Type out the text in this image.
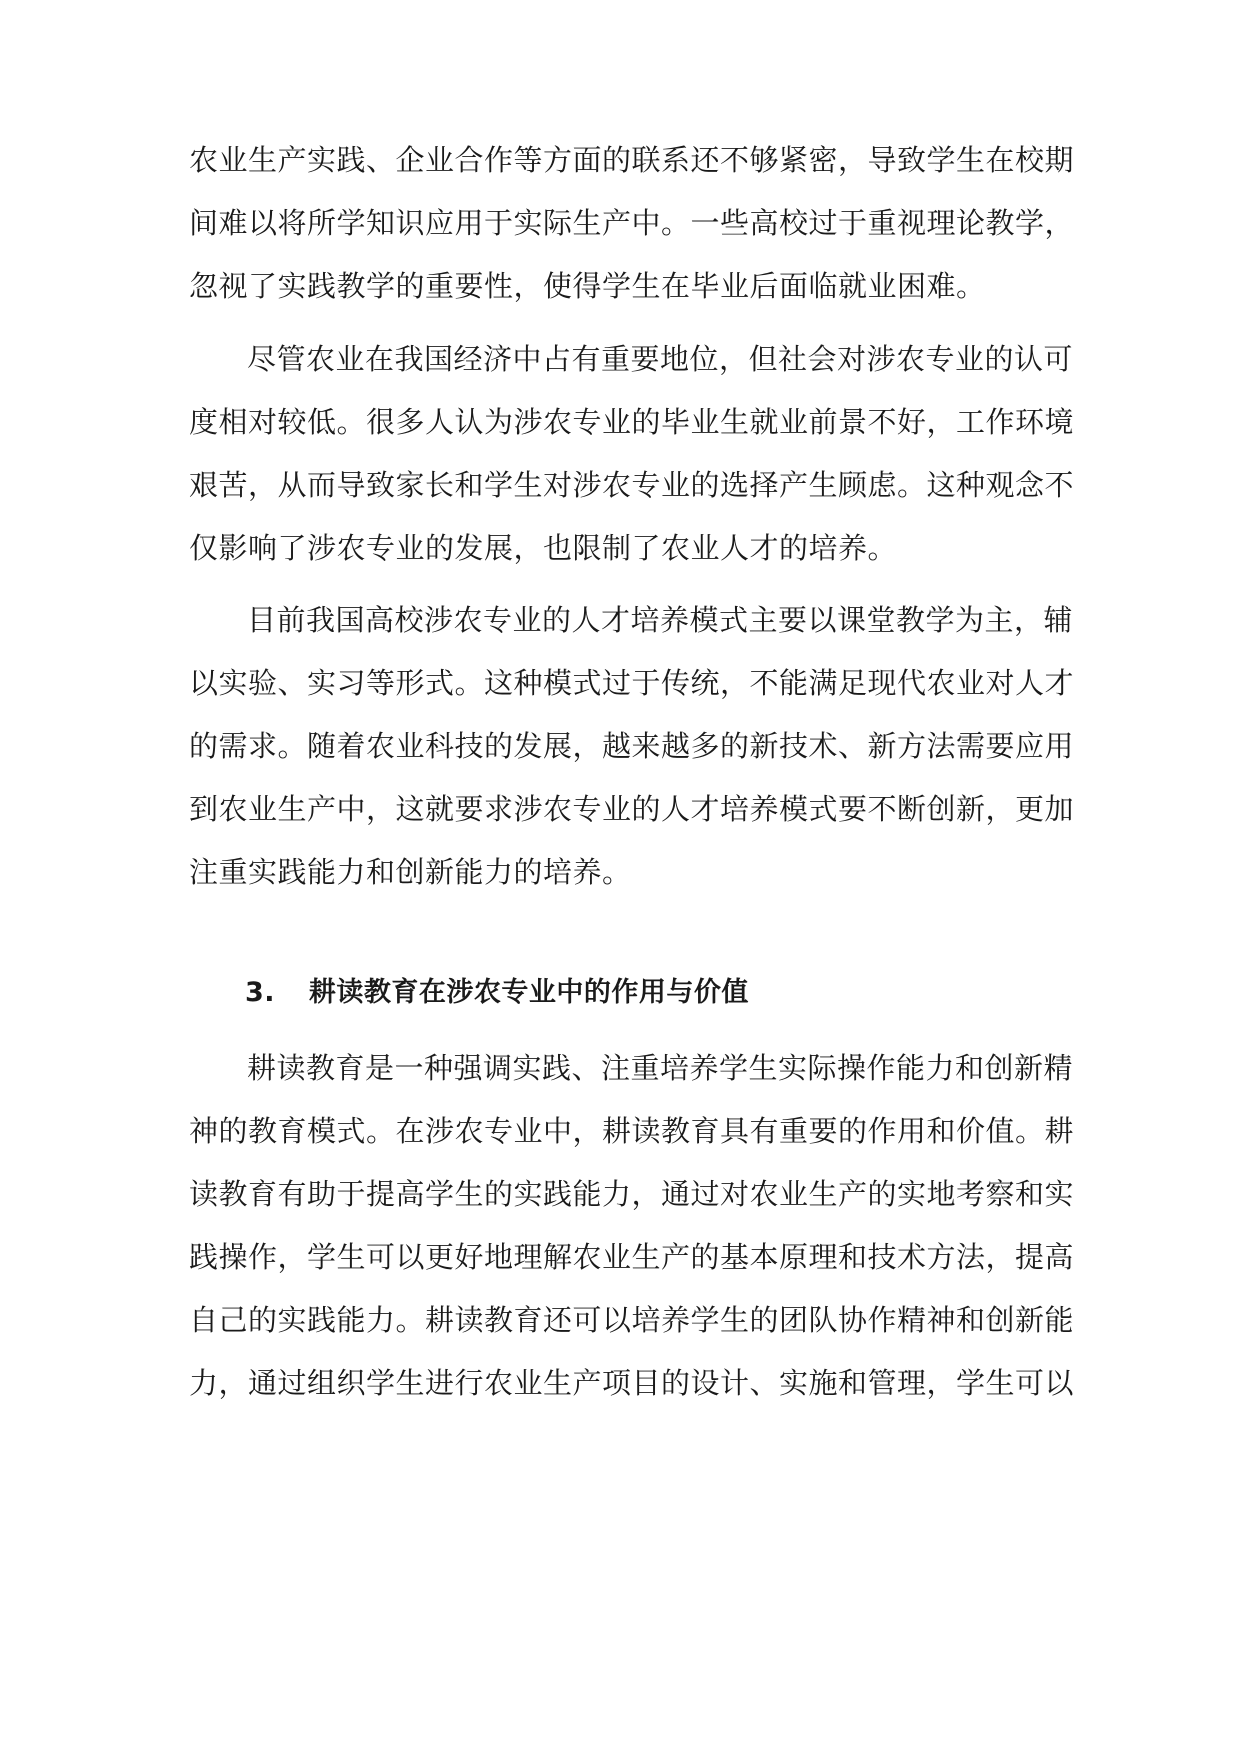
农业生产实践、企业合作等方面的联系还不够紧密，导致学生在校期
间难以将所学知识应用于实际生产中。一些高校过于重视理论教学，
忽视了实践教学的重要性，使得学生在毕业后面临就业困难。
尽管农业在我国经济中占有重要地位，但社会对涉农专业的认可
度相对较低。很多人认为涉农专业的毕业生就业前景不好，工作环境
艰苦，从而导致家长和学生对涉农专业的选择产生顾虑。这种观念不
仅影响了涉农专业的发展，也限制了农业人才的培养。
目前我国高校涉农专业的人才培养模式主要以课堂教学为主，辅
以实验、实习等形式。这种模式过于传统，不能满足现代农业对人才
的需求。随着农业科技的发展，越来越多的新技术、新方法需要应用
到农业生产中，这就要求涉农专业的人才培养模式要不断创新，更加
注重实践能力和创新能力的培养。
3. 耕读教育在涉农专业中的作用与价值
耕读教育是一种强调实践、注重培养学生实际操作能力和创新精
神的教育模式。在涉农专业中，耕读教育具有重要的作用和价值。耕
读教育有助于提高学生的实践能力，通过对农业生产的实地考察和实
践操作，学生可以更好地理解农业生产的基本原理和技术方法，提高
自己的实践能力。耕读教育还可以培养学生的团队协作精神和创新能
力，通过组织学生进行农业生产项目的设计、实施和管理，学生可以
